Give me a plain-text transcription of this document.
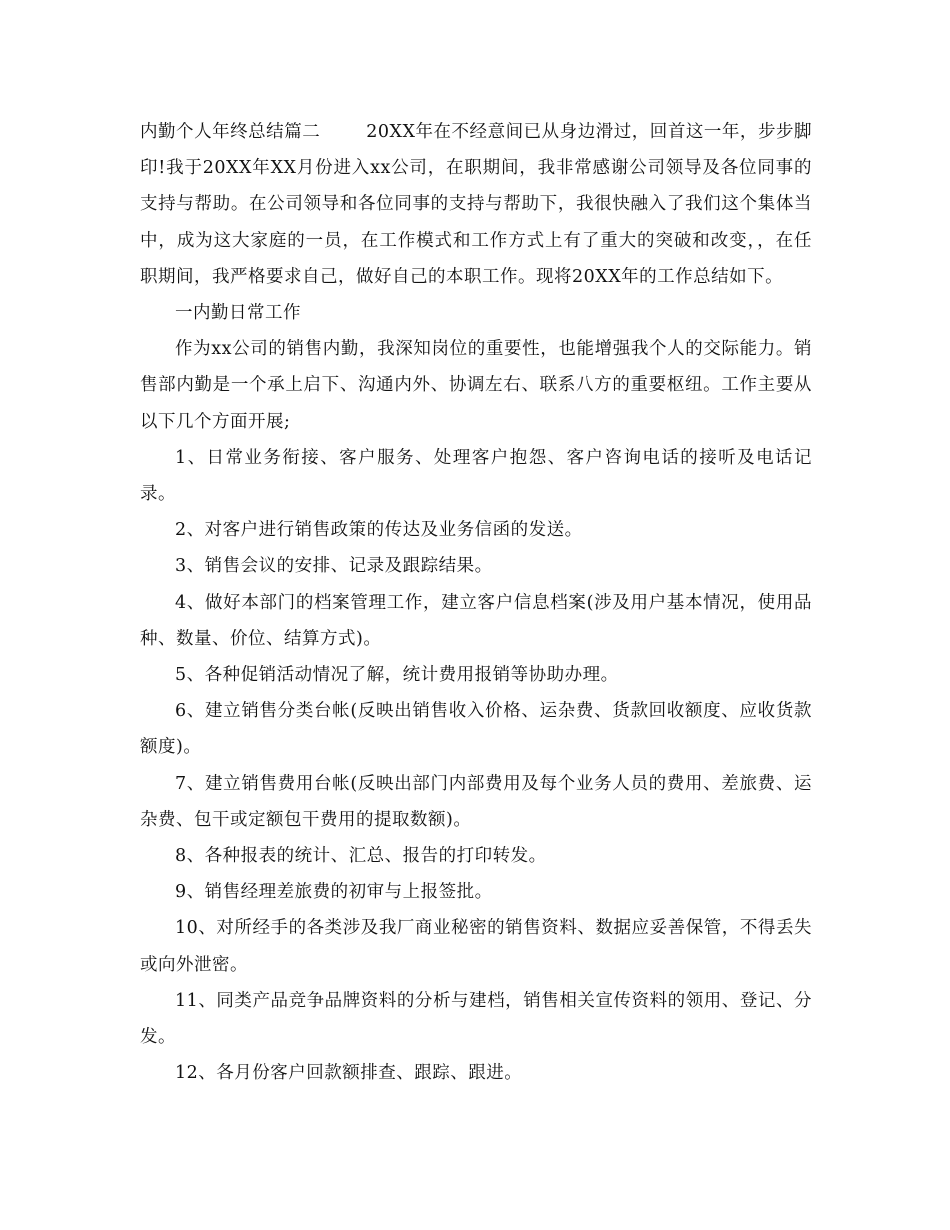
内勤个人年终总结篇二	20XX年在不经意间已从身边滑过，回首这一年，步步脚印!我于20XX年XX月份进入xx公司，在职期间，我非常感谢公司领导及各位同事的支持与帮助。在公司领导和各位同事的支持与帮助下，我很快融入了我们这个集体当中，成为这大家庭的一员，在工作模式和工作方式上有了重大的突破和改变，，在任职期间，我严格要求自己，做好自己的本职工作。现将20XX年的工作总结如下。

一内勤日常工作

作为xx公司的销售内勤，我深知岗位的重要性，也能增强我个人的交际能力。销售部内勤是一个承上启下、沟通内外、协调左右、联系八方的重要枢纽。工作主要从以下几个方面开展;

1、日常业务衔接、客户服务、处理客户抱怨、客户咨询电话的接听及电话记录。

2、对客户进行销售政策的传达及业务信函的发送。

3、销售会议的安排、记录及跟踪结果。

4、做好本部门的档案管理工作，建立客户信息档案(涉及用户基本情况，使用品种、数量、价位、结算方式)。

5、各种促销活动情况了解，统计费用报销等协助办理。

6、建立销售分类台帐(反映出销售收入价格、运杂费、货款回收额度、应收货款额度)。

7、建立销售费用台帐(反映出部门内部费用及每个业务人员的费用、差旅费、运杂费、包干或定额包干费用的提取数额)。

8、各种报表的统计、汇总、报告的打印转发。

9、销售经理差旅费的初审与上报签批。

10、对所经手的各类涉及我厂商业秘密的销售资料、数据应妥善保管，不得丢失或向外泄密。

11、同类产品竞争品牌资料的分析与建档，销售相关宣传资料的领用、登记、分发。

12、各月份客户回款额排查、跟踪、跟进。
